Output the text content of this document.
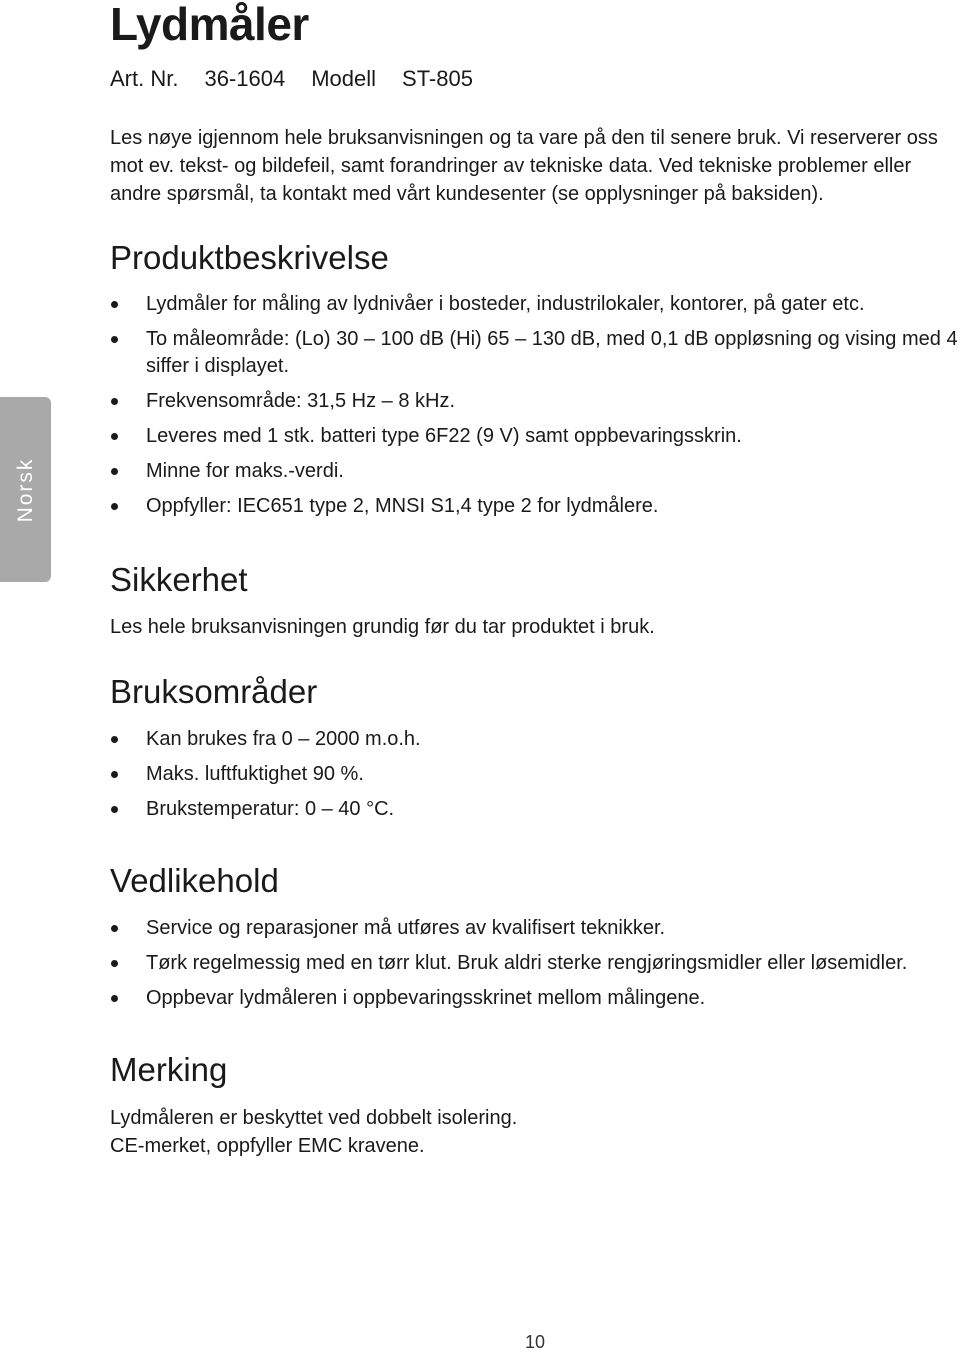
Norsk
Lydmåler
Art. Nr. 36-1604 Modell ST-805

Les nøye igjennom hele bruksanvisningen og ta vare på den til senere bruk. Vi reserverer oss mot ev. tekst- og bildefeil, samt forandringer av tekniske data. Ved tekniske problemer eller andre spørsmål, ta kontakt med vårt kundesenter (se opplysninger på baksiden).

Produktbeskrivelse
Lydmåler for måling av lydnivåer i bosteder, industrilokaler, kontorer, på gater etc.
To måleområde: (Lo) 30 – 100 dB (Hi) 65 – 130 dB, med 0,1 dB oppløsning og vising med 4 siffer i displayet.
Frekvensområde: 31,5 Hz – 8 kHz.
Leveres med 1 stk. batteri type 6F22 (9 V) samt oppbevaringsskrin.
Minne for maks.-verdi.
Oppfyller: IEC651 type 2, MNSI S1,4 type 2 for lydmålere.
Sikkerhet

Les hele bruksanvisningen grundig før du tar produktet i bruk.

Bruksområder
Kan brukes fra 0 – 2000 m.o.h.
Maks. luftfuktighet 90 %.
Brukstemperatur: 0 – 40 °C.
Vedlikehold
Service og reparasjoner må utføres av kvalifisert teknikker.
Tørk regelmessig med en tørr klut. Bruk aldri sterke rengjøringsmidler eller løsemidler.
Oppbevar lydmåleren i oppbevaringsskrinet mellom målingene.
Merking

Lydmåleren er beskyttet ved dobbelt isolering.

CE-merket, oppfyller EMC kravene.

10
